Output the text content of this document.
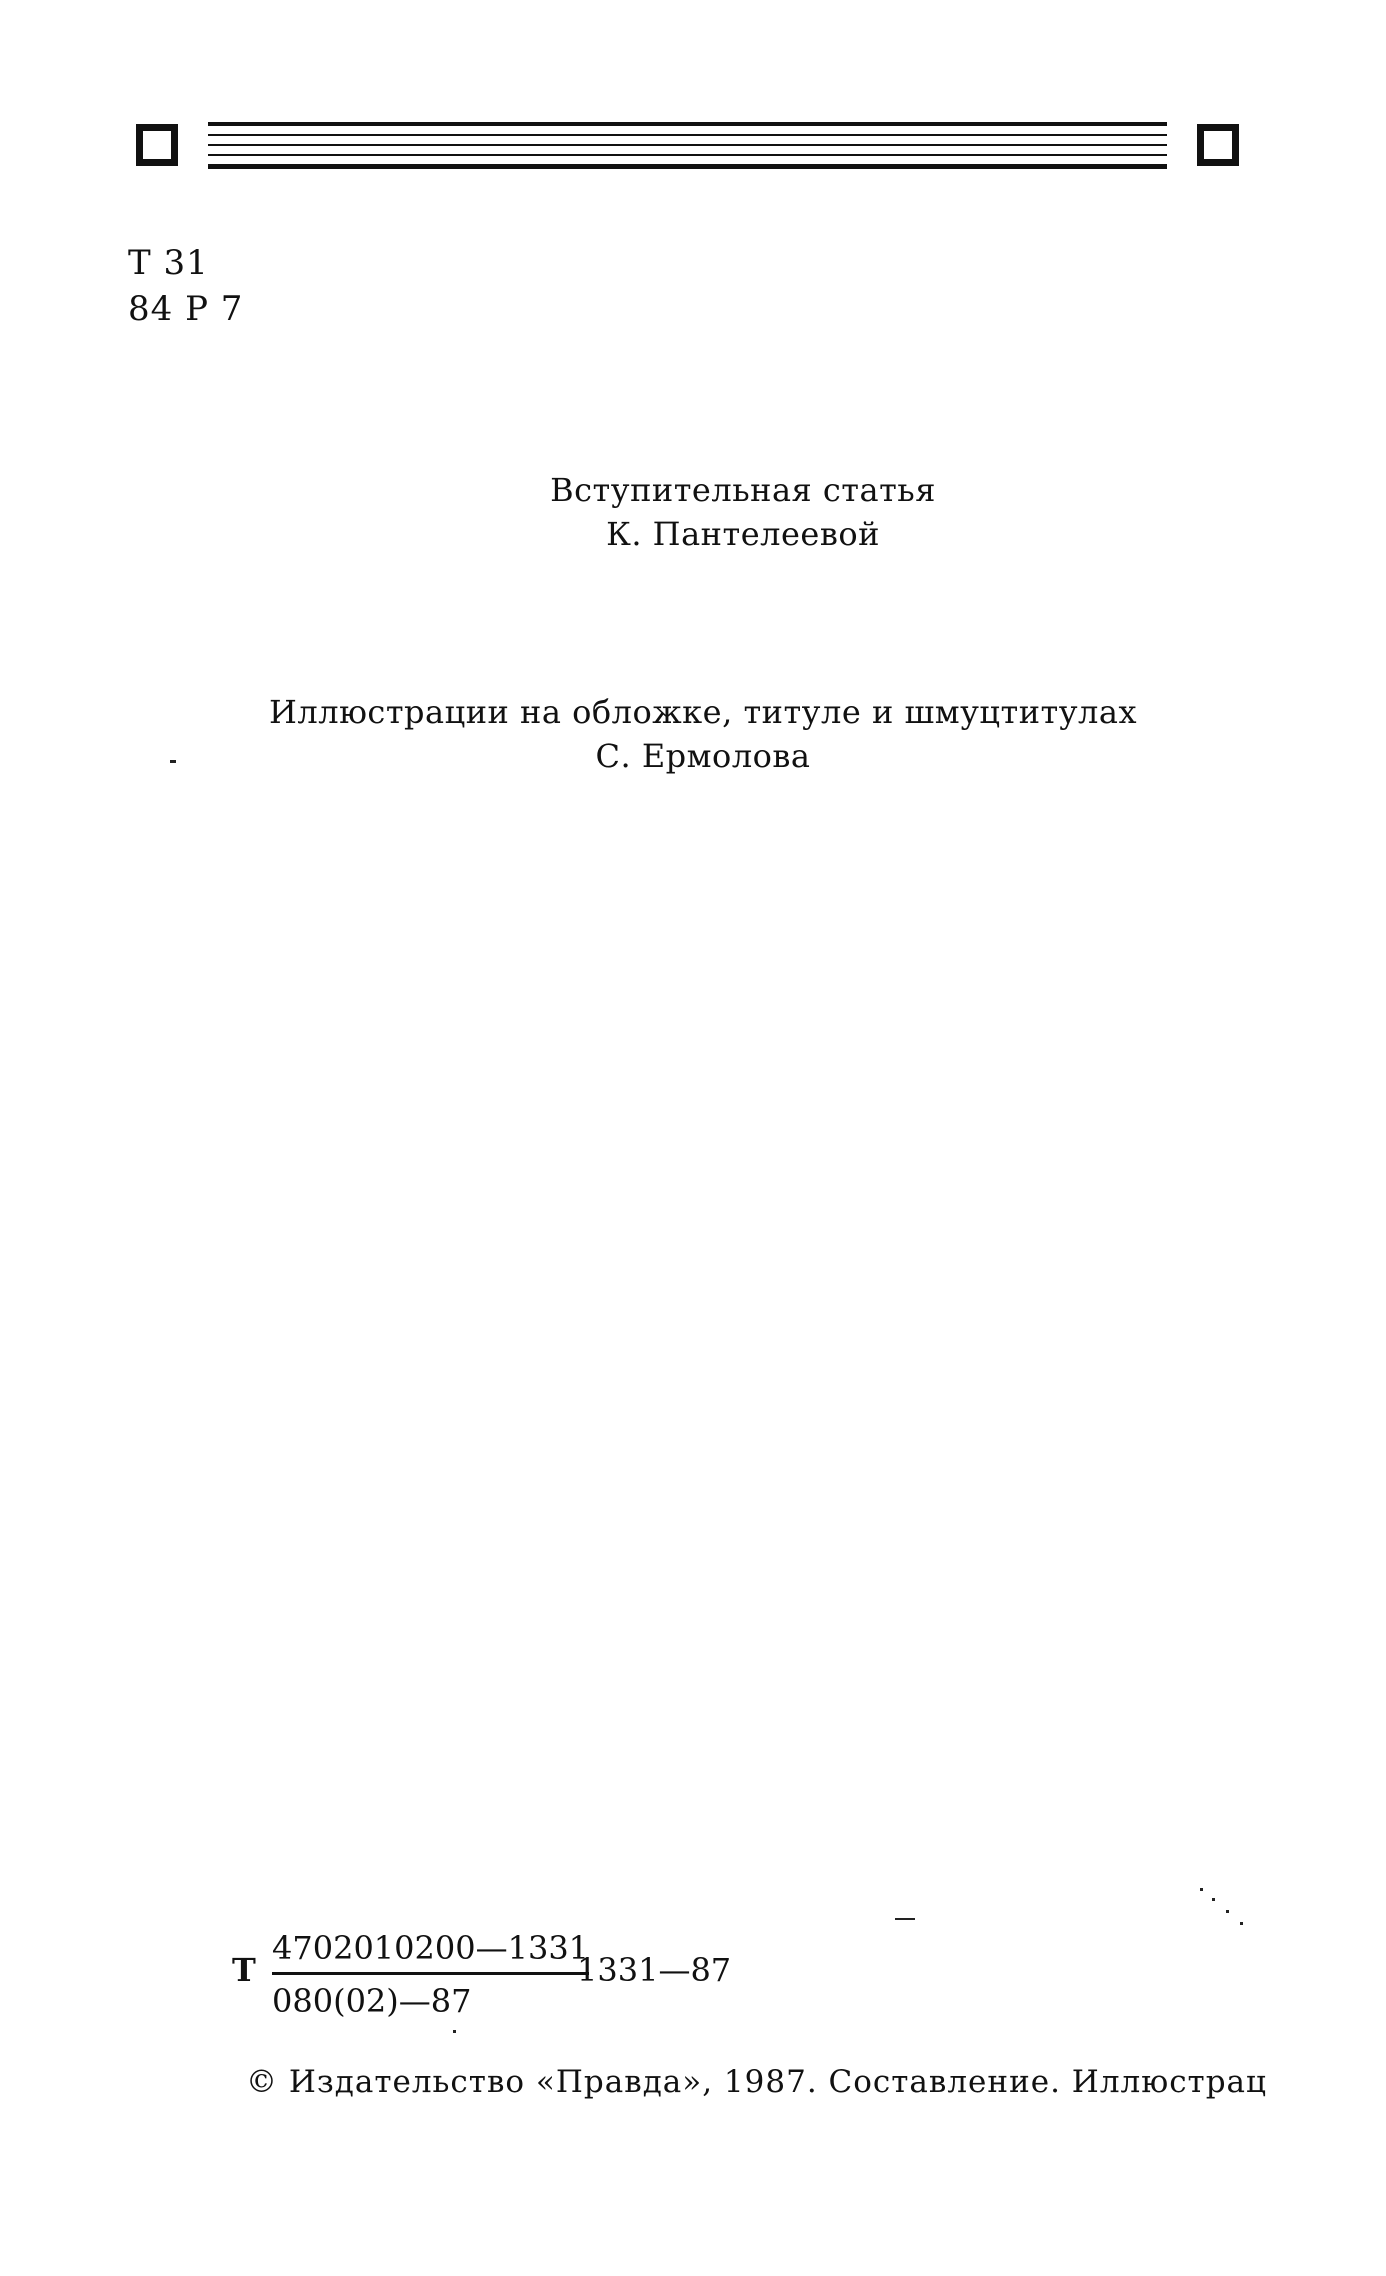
Т 31
84 Р 7
Вступительная статья
К. Пантелеевой
Иллюстрации на обложке, титуле и шмуцтитулах
С. Ермолова
Т $\frac{4702010200—1331}{080(02)—87}$
1331—87
© Издательство «Правда», 1987. Составление. Иллюстрац
